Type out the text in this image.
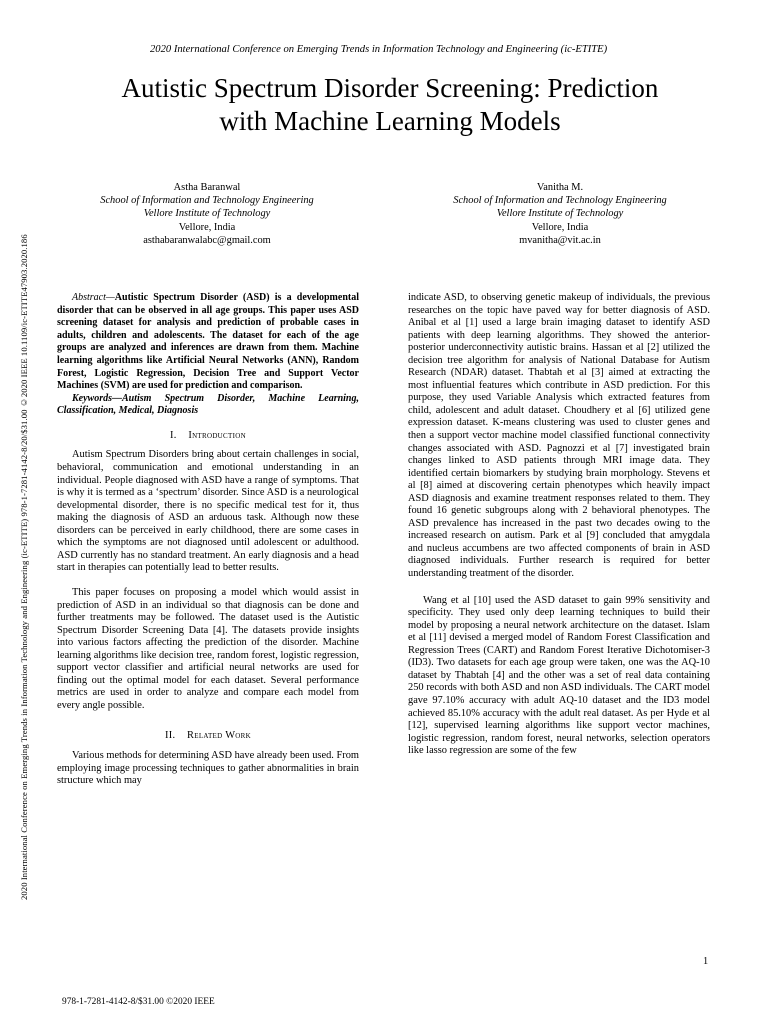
2020 International Conference on Emerging Trends in Information Technology and Engineering (ic-ETITE)
2020 International Conference on Emerging Trends in Information Technology and Engineering (ic-ETITE) 978-1-7281-4142-8/20/$31.00 ©2020 IEEE 10.1109/ic-ETITE47903.2020.186
Autistic Spectrum Disorder Screening: Prediction
with Machine Learning Models
Astha Baranwal
School of Information and Technology Engineering
Vellore Institute of Technology
Vellore, India
asthabaranwalabc@gmail.com
Vanitha M.
School of Information and Technology Engineering
Vellore Institute of Technology
Vellore, India
mvanitha@vit.ac.in

Abstract—Autistic Spectrum Disorder (ASD) is a developmental disorder that can be observed in all age groups. This paper uses ASD screening dataset for analysis and prediction of probable cases in adults, children and adolescents. The dataset for each of the age groups are analyzed and inferences are drawn from them. Machine learning algorithms like Artificial Neural Networks (ANN), Random Forest, Logistic Regression, Decision Tree and Support Vector Machines (SVM) are used for prediction and comparison.

Keywords—Autism Spectrum Disorder, Machine Learning, Classification, Medical, Diagnosis

I. Introduction

Autism Spectrum Disorders bring about certain challenges in social, behavioral, communication and emotional understanding in an individual. People diagnosed with ASD have a range of symptoms. That is why it is termed as a ‘spectrum’ disorder. Since ASD is a neurological developmental disorder, there is no specific medical test for it, thus making the diagnosis of ASD an arduous task. Although now these disorders can be perceived in early childhood, there are some cases in which the symptoms are not diagnosed until adolescent or adulthood. ASD currently has no standard treatment. An early diagnosis and a head start in therapies can potentially lead to better results.

This paper focuses on proposing a model which would assist in prediction of ASD in an individual so that diagnosis can be done and further treatments may be followed. The dataset used is the Autistic Spectrum Disorder Screening Data [4]. The datasets provide insights into various factors affecting the prediction of the disorder. Machine learning algorithms like decision tree, random forest, logistic regression, support vector classifier and artificial neural networks are used for finding out the optimal model for each dataset. Several performance metrics are used in order to analyze and compare each model from every angle possible.

II. Related Work

Various methods for determining ASD have already been used. From employing image processing techniques to gather abnormalities in brain structure which may

indicate ASD, to observing genetic makeup of individuals, the previous researches on the topic have paved way for better diagnosis of ASD. Anibal et al [1] used a large brain imaging dataset to identify ASD patients with deep learning algorithms. They showed the anterior-posterior underconnectivity autistic brains. Hassan et al [2] utilized the decision tree algorithm for analysis of National Database for Autism Research (NDAR) dataset. Thabtah et al [3] aimed at extracting the most influential features which contribute in ASD prediction. For this purpose, they used Variable Analysis which extracted features from child, adolescent and adult dataset. Choudhery et al [6] utilized gene expression dataset. K-means clustering was used to cluster genes and then a support vector machine model classified functional connectivity changes associated with ASD. Pagnozzi et al [7] investigated brain changes linked to ASD patients through MRI image data. They identified certain biomarkers by studying brain morphology. Stevens et al [8] aimed at discovering certain phenotypes which heavily impact ASD diagnosis and examine treatment responses related to them. They found 16 genetic subgroups along with 2 behavioral phenotypes. The ASD prevalence has increased in the past two decades owing to the increased research on autism. Park et al [9] concluded that amygdala and nucleus accumbens are two affected components of brain in ASD diagnosed individuals. Further research is required for better understanding treatment of the disorder.

Wang et al [10] used the ASD dataset to gain 99% sensitivity and specificity. They used only deep learning techniques to build their model by proposing a neural network architecture on the dataset. Islam et al [11] devised a merged model of Random Forest Classification and Regression Trees (CART) and Random Forest Iterative Dichotomiser-3 (ID3). Two datasets for each age group were taken, one was the AQ-10 dataset by Thabtah [4] and the other was a set of real data containing 250 records with both ASD and non ASD individuals. The CART model gave 97.10% accuracy with adult AQ-10 dataset and the ID3 model achieved 85.10% accuracy with the adult real dataset. As per Hyde et al [12], supervised learning algorithms like support vector machines, logistic regression, random forest, neural networks, selection operators like lasso regression are some of the few

1
978-1-7281-4142-8/$31.00 ©2020 IEEE
